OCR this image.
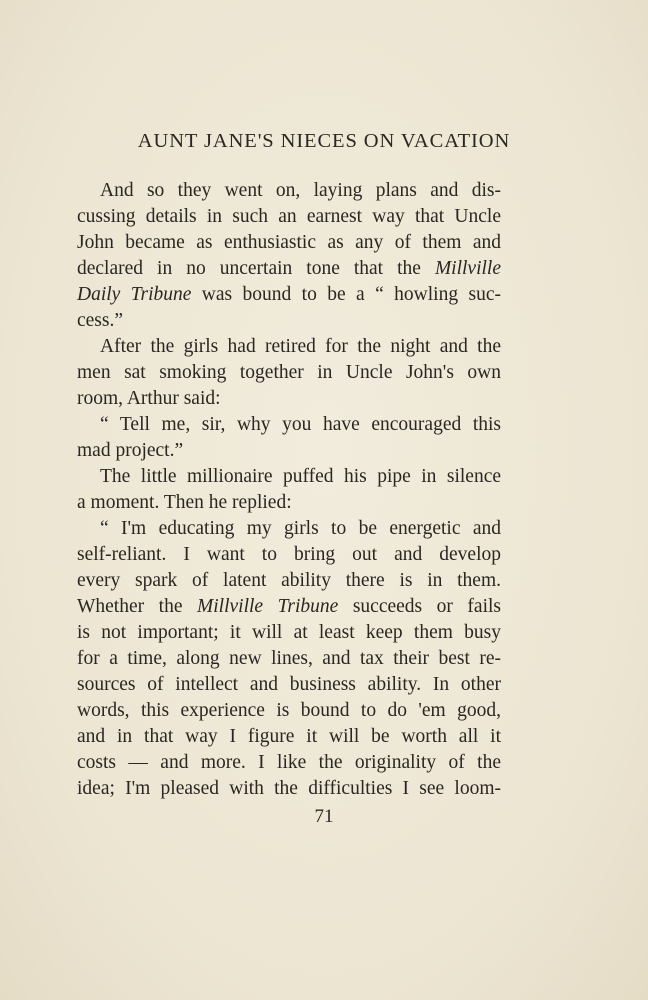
AUNT JANE'S NIECES ON VACATION
And so they went on, laying plans and dis-
cussing details in such an earnest way that Uncle
John became as enthusiastic as any of them and
declared in no uncertain tone that the Millville
Daily Tribune was bound to be a “ howling suc-
cess.”
After the girls had retired for the night and the
men sat smoking together in Uncle John's own
room, Arthur said:
“ Tell me, sir, why you have encouraged this
mad project.”
The little millionaire puffed his pipe in silence
a moment. Then he replied:
“ I'm educating my girls to be energetic and
self-reliant. I want to bring out and develop
every spark of latent ability there is in them.
Whether the Millville Tribune succeeds or fails
is not important; it will at least keep them busy
for a time, along new lines, and tax their best re-
sources of intellect and business ability. In other
words, this experience is bound to do 'em good,
and in that way I figure it will be worth all it
costs — and more. I like the originality of the
idea; I'm pleased with the difficulties I see loom-
71
